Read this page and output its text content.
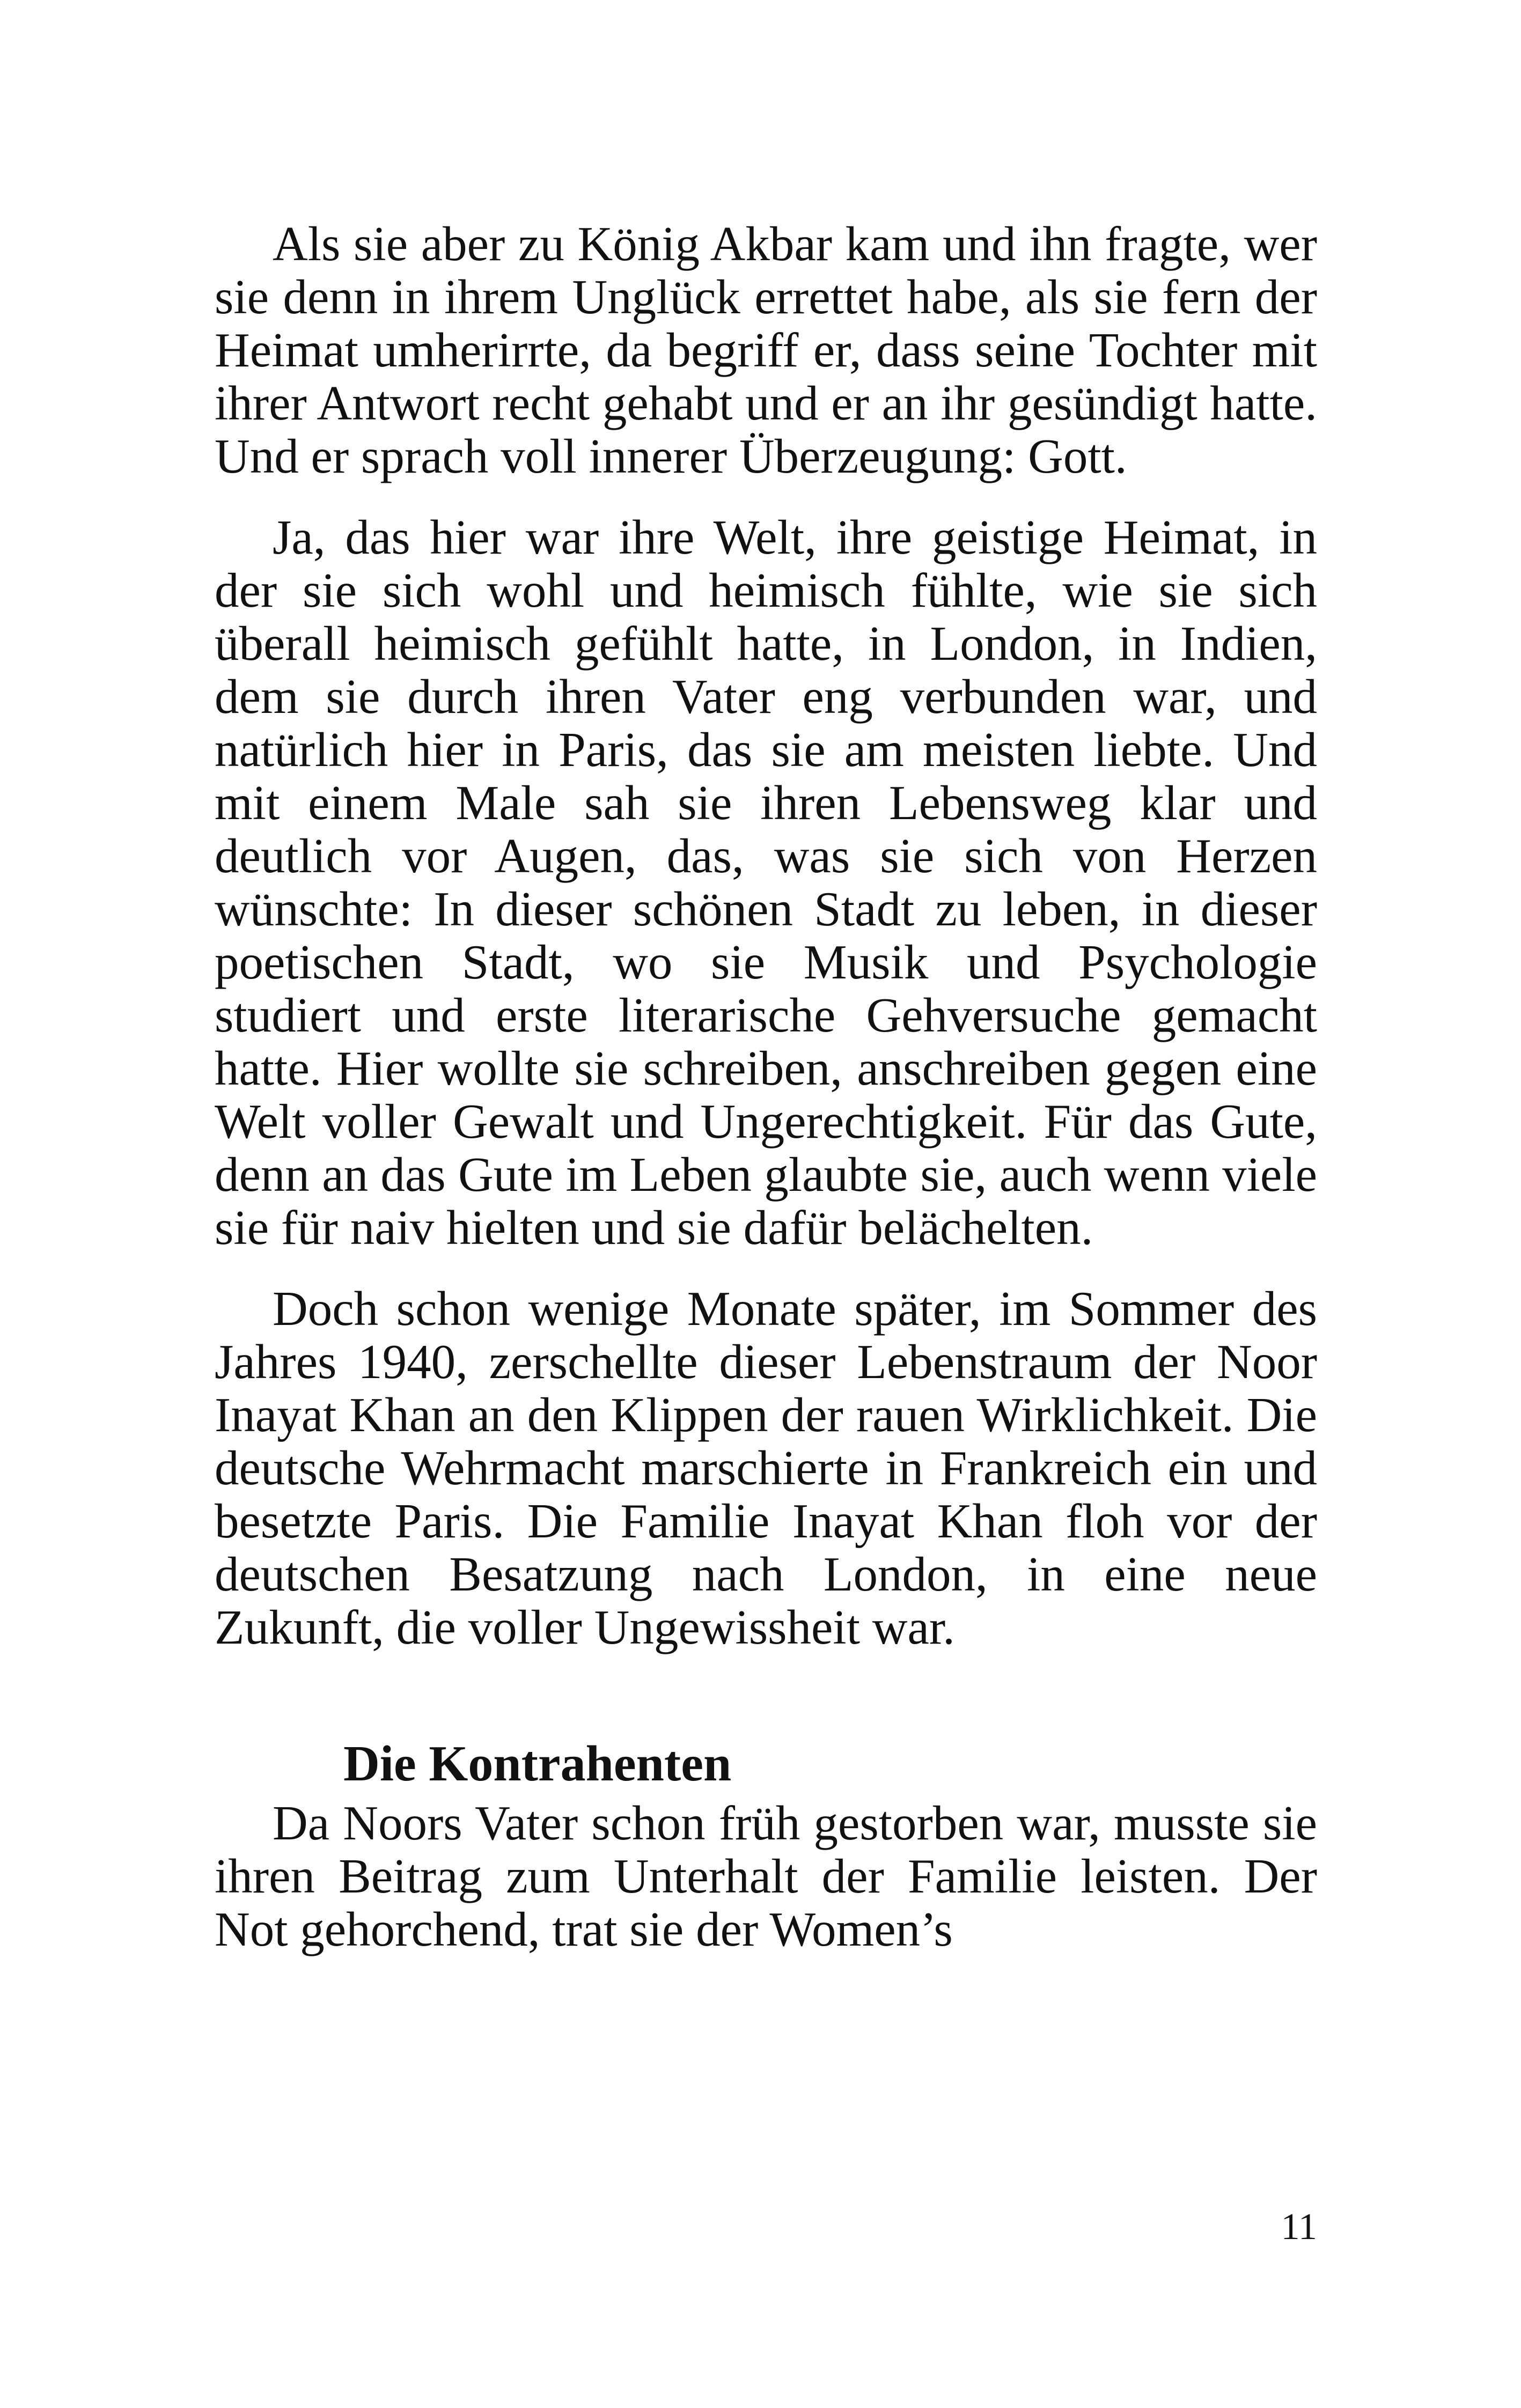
Als sie aber zu König Akbar kam und ihn fragte, wer sie denn in ihrem Unglück errettet habe, als sie fern der Heimat umherirrte, da begriff er, dass seine Tochter mit ihrer Antwort recht gehabt und er an ihr gesündigt hatte. Und er sprach voll innerer Überzeugung: Gott.

Ja, das hier war ihre Welt, ihre geistige Heimat, in der sie sich wohl und heimisch fühlte, wie sie sich überall heimisch gefühlt hatte, in London, in Indien, dem sie durch ihren Vater eng verbunden war, und natürlich hier in Paris, das sie am meisten liebte. Und mit einem Male sah sie ihren Lebensweg klar und deutlich vor Augen, das, was sie sich von Herzen wünschte: In dieser schönen Stadt zu leben, in dieser poetischen Stadt, wo sie Musik und Psychologie studiert und erste literarische Gehversuche gemacht hatte. Hier wollte sie schreiben, anschreiben gegen eine Welt voller Gewalt und Ungerechtigkeit. Für das Gute, denn an das Gute im Leben glaubte sie, auch wenn viele sie für naiv hielten und sie dafür belächelten.

Doch schon wenige Monate später, im Sommer des Jahres 1940, zerschellte dieser Lebenstraum der Noor Inayat Khan an den Klippen der rauen Wirklichkeit. Die deutsche Wehrmacht marschierte in Frankreich ein und besetzte Paris. Die Familie Inayat Khan floh vor der deutschen Besatzung nach London, in eine neue Zukunft, die voller Ungewissheit war.

Die Kontrahenten

Da Noors Vater schon früh gestorben war, musste sie ihren Beitrag zum Unterhalt der Familie leisten. Der Not gehorchend, trat sie der Women’s

11
